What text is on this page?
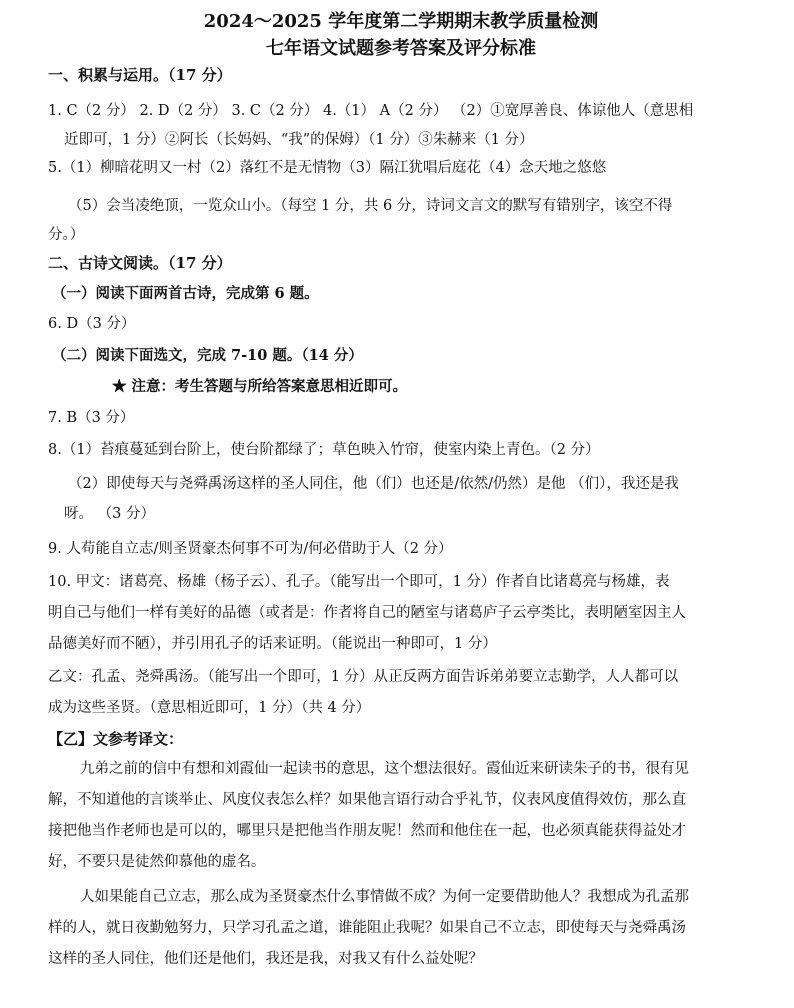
2024～2025 学年度第二学期期末教学质量检测

七年语文试题参考答案及评分标准

一、积累与运用。（17 分）

1. C（2 分） 2. D（2 分） 3. C（2 分） 4.（1） A（2 分） （2）①宽厚善良、体谅他人（意思相

近即可，1 分）②阿长（长妈妈、“我”的保姆）（1 分）③朱赫来（1 分）

5.（1）柳暗花明又一村（2）落红不是无情物（3）隔江犹唱后庭花（4）念天地之悠悠

（5）会当凌绝顶，一览众山小。（每空 1 分，共 6 分，诗词文言文的默写有错别字，该空不得

分。）

二、古诗文阅读。（17 分）

（一）阅读下面两首古诗，完成第 6 题。

6. D（3 分）

（二）阅读下面选文，完成 7-10 题。（14 分）

★ 注意：考生答题与所给答案意思相近即可。

7. B（3 分）

8.（1）苔痕蔓延到台阶上，使台阶都绿了；草色映入竹帘，使室内染上青色。（2 分）

（2）即使每天与尧舜禹汤这样的圣人同住，他（们）也还是/依然/仍然）是他 （们），我还是我

呀。 （3 分）

9. 人苟能自立志/则圣贤豪杰何事不可为/何必借助于人（2 分）

10. 甲文：诸葛亮、杨雄（杨子云）、孔子。（能写出一个即可，1 分）作者自比诸葛亮与杨雄，表

明自己与他们一样有美好的品德（或者是：作者将自己的陋室与诸葛庐子云亭类比，表明陋室因主人

品德美好而不陋），并引用孔子的话来证明。（能说出一种即可，1 分）

乙文：孔孟、尧舜禹汤。（能写出一个即可，1 分）从正反两方面告诉弟弟要立志勤学，人人都可以

成为这些圣贤。（意思相近即可，1 分）（共 4 分）

【乙】文参考译文：

九弟之前的信中有想和刘霞仙一起读书的意思，这个想法很好。霞仙近来研读朱子的书，很有见

解，不知道他的言谈举止、风度仪表怎么样？如果他言语行动合乎礼节，仪表风度值得效仿，那么直

接把他当作老师也是可以的，哪里只是把他当作朋友呢！然而和他住在一起，也必须真能获得益处才

好，不要只是徒然仰慕他的虚名。

人如果能自己立志，那么成为圣贤豪杰什么事情做不成？为何一定要借助他人？我想成为孔孟那

样的人，就日夜勤勉努力，只学习孔孟之道，谁能阻止我呢？如果自己不立志，即使每天与尧舜禹汤

这样的圣人同住，他们还是他们，我还是我，对我又有什么益处呢？
